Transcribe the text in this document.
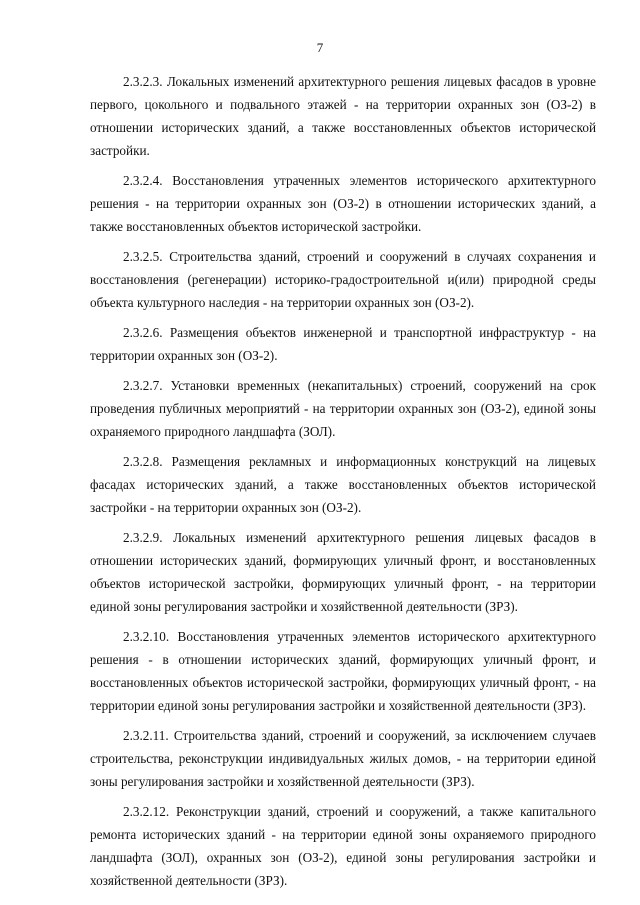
7

2.3.2.3. Локальных изменений архитектурного решения лицевых фасадов в уровне первого, цокольного и подвального этажей - на территории охранных зон (ОЗ-2) в отношении исторических зданий, а также восстановленных объектов исторической застройки.

2.3.2.4. Восстановления утраченных элементов исторического архитектурного решения - на территории охранных зон (ОЗ-2) в отношении исторических зданий, а также восстановленных объектов исторической застройки.

2.3.2.5. Строительства зданий, строений и сооружений в случаях сохранения и восстановления (регенерации) историко-градостроительной и(или) природной среды объекта культурного наследия - на территории охранных зон (ОЗ-2).

2.3.2.6. Размещения объектов инженерной и транспортной инфраструктур - на территории охранных зон (ОЗ-2).

2.3.2.7. Установки временных (некапитальных) строений, сооружений на срок проведения публичных мероприятий - на территории охранных зон (ОЗ-2), единой зоны охраняемого природного ландшафта (ЗОЛ).

2.3.2.8. Размещения рекламных и информационных конструкций на лицевых фасадах исторических зданий, а также восстановленных объектов исторической застройки - на территории охранных зон (ОЗ-2).

2.3.2.9. Локальных изменений архитектурного решения лицевых фасадов в отношении исторических зданий, формирующих уличный фронт, и восстановленных объектов исторической застройки, формирующих уличный фронт, - на территории единой зоны регулирования застройки и хозяйственной деятельности (ЗРЗ).

2.3.2.10. Восстановления утраченных элементов исторического архитектурного решения - в отношении исторических зданий, формирующих уличный фронт, и восстановленных объектов исторической застройки, формирующих уличный фронт, - на территории единой зоны регулирования застройки и хозяйственной деятельности (ЗРЗ).

2.3.2.11. Строительства зданий, строений и сооружений, за исключением случаев строительства, реконструкции индивидуальных жилых домов, - на территории единой зоны регулирования застройки и хозяйственной деятельности (ЗРЗ).

2.3.2.12. Реконструкции зданий, строений и сооружений, а также капитального ремонта исторических зданий - на территории единой зоны охраняемого природного ландшафта (ЗОЛ), охранных зон (ОЗ-2), единой зоны регулирования застройки и хозяйственной деятельности (ЗРЗ).
